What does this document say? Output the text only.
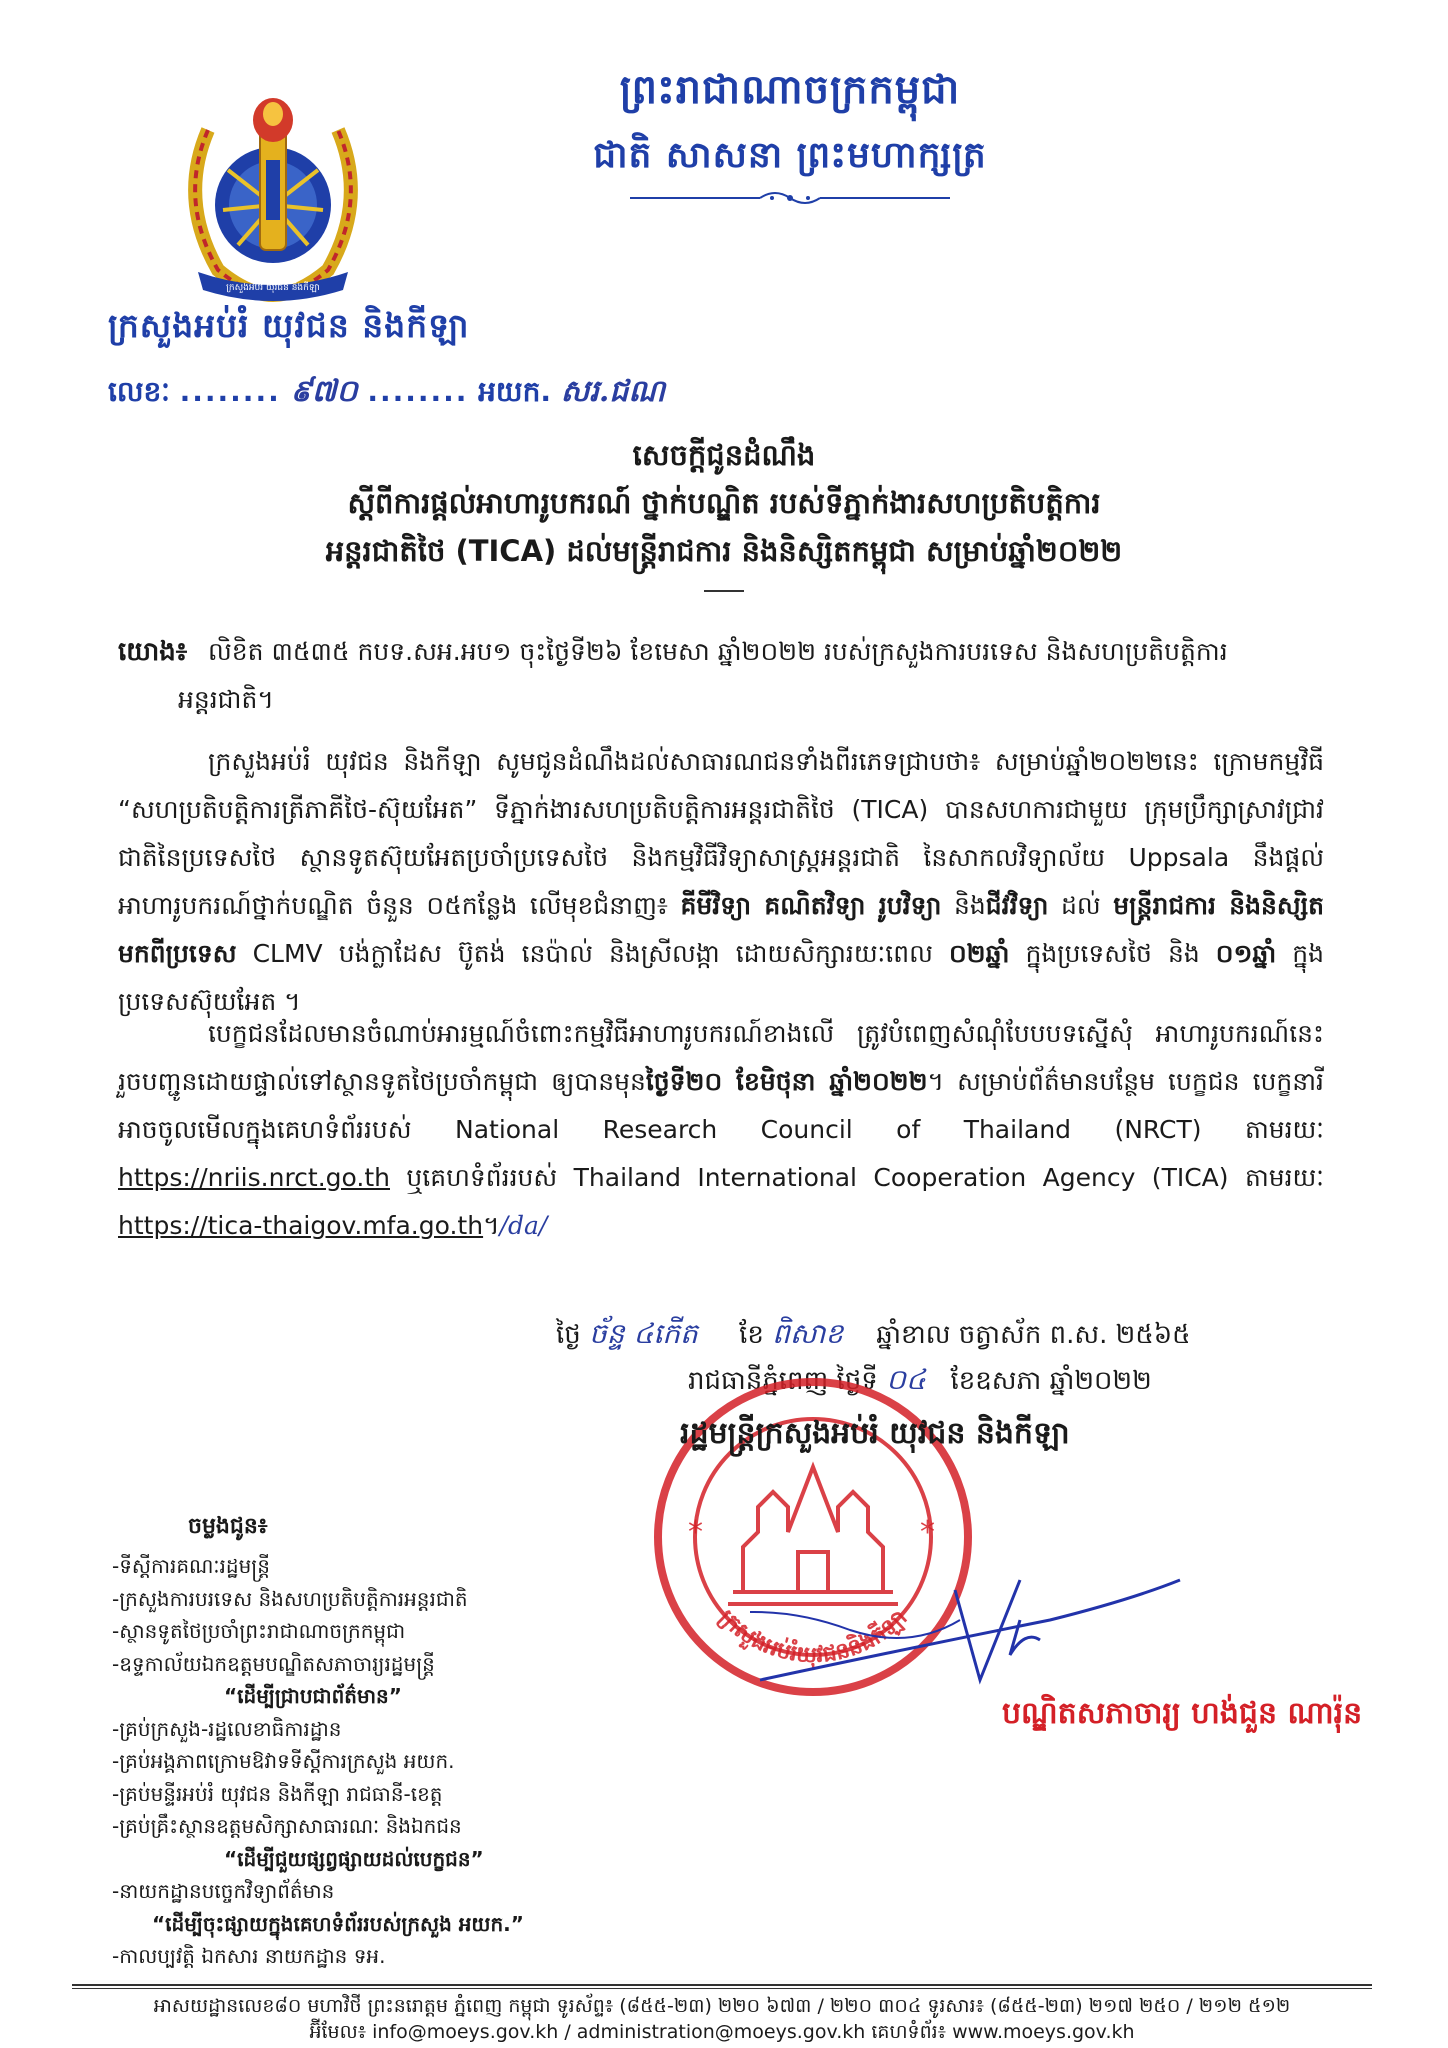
ក្រសួងអប់រំ យុវជន និងកីឡា
ព្រះរាជាណាចក្រកម្ពុជា
ជាតិ សាសនា ព្រះមហាក្សត្រ
ក្រសួងអប់រំ យុវជន និងកីឡា
លេខៈ ........ ៩៧០ ........ អយក. សរ.ជណ
សេចក្តីជូនដំណឹង
ស្តីពីការផ្តល់អាហារូបករណ៍ ថ្នាក់បណ្ឌិត របស់ទីភ្នាក់ងារសហប្រតិបត្តិការ
អន្តរជាតិថៃ (TICA) ដល់មន្ត្រីរាជការ និងនិស្សិតកម្ពុជា សម្រាប់ឆ្នាំ២០២២
យោង៖ លិខិត ៣៥៣៥ កបទ.សអ.អប១ ចុះថ្ងៃទី២៦ ខែមេសា ឆ្នាំ២០២២ របស់ក្រសួងការបរទេស និងសហប្រតិបត្តិការ
អន្តរជាតិ។
ក្រសួងអប់រំ យុវជន និងកីឡា សូមជូនដំណឹងដល់សាធារណជនទាំងពីរភេទជ្រាបថា៖ សម្រាប់ឆ្នាំ២០២២នេះ ក្រោមកម្មវិធី “សហប្រតិបត្តិការត្រីភាគីថៃ-ស៊ុយអែត” ទីភ្នាក់ងារសហប្រតិបត្តិការអន្តរជាតិថៃ (TICA) បានសហការជាមួយ ក្រុមប្រឹក្សាស្រាវជ្រាវជាតិនៃប្រទេសថៃ ស្ថានទូតស៊ុយអែតប្រចាំប្រទេសថៃ និងកម្មវិធីវិទ្យាសាស្ត្រអន្តរជាតិ នៃសាកលវិទ្យាល័យ Uppsala នឹងផ្តល់អាហារូបករណ៍ថ្នាក់បណ្ឌិត ចំនួន ០៥កន្លែង លើមុខជំនាញ៖ គីមីវិទ្យា គណិតវិទ្យា រូបវិទ្យា និងជីវវិទ្យា ដល់ មន្ត្រីរាជការ និងនិស្សិតមកពីប្រទេស CLMV បង់ក្លាដែស ប៊ូតង់ នេប៉ាល់ និងស្រីលង្កា ដោយសិក្សារយៈពេល ០២ឆ្នាំ ក្នុងប្រទេសថៃ និង ០១ឆ្នាំ ក្នុងប្រទេសស៊ុយអែត ។
បេក្ខជនដែលមានចំណាប់អារម្មណ៍ចំពោះកម្មវិធីអាហារូបករណ៍ខាងលើ ត្រូវបំពេញសំណុំបែបបទស្នើសុំ អាហារូបករណ៍នេះ រួចបញ្ជូនដោយផ្ទាល់ទៅស្ថានទូតថៃប្រចាំកម្ពុជា ឲ្យបានមុនថ្ងៃទី២០ ខែមិថុនា ឆ្នាំ២០២២។ សម្រាប់ព័ត៌មានបន្ថែម បេក្ខជន បេក្ខនារី អាចចូលមើលក្នុងគេហទំព័ររបស់ National Research Council of Thailand (NRCT) តាមរយៈ https://nriis.nrct.go.th ឬគេហទំព័ររបស់ Thailand International Cooperation Agency (TICA) តាមរយៈ https://tica-thaigov.mfa.go.th។/da/
ថ្ងៃ ច័ន្ទ ៤កើត ខែ ពិសាខ ឆ្នាំខាល ចត្វាស័ក ព.ស. ២៥៦៥
រាជធានីភ្នំពេញ ថ្ងៃទី ០៤ ខែឧសភា ឆ្នាំ២០២២
*	*
ក្រសួងអប់រំយុវជននិងកីឡា
រដ្ឋមន្ត្រីក្រសួងអប់រំ យុវជន និងកីឡា
បណ្ឌិតសភាចារ្យ ហង់ជួន ណារ៉ុន
ចម្លងជូន៖
-ទីស្តីការគណៈរដ្ឋមន្ត្រី
-ក្រសួងការបរទេស និងសហប្រតិបត្តិការអន្តរជាតិ
-ស្ថានទូតថៃប្រចាំព្រះរាជាណាចក្រកម្ពុជា
-ឧទ្ទកាល័យឯកឧត្តមបណ្ឌិតសភាចារ្យរដ្ឋមន្ត្រី
“ដើម្បីជ្រាបជាព័ត៌មាន”
-គ្រប់ក្រសួង-រដ្ឋលេខាធិការដ្ឋាន
-គ្រប់អង្គភាពក្រោមឱវាទទីស្តីការក្រសួង អយក.
-គ្រប់មន្ទីរអប់រំ យុវជន និងកីឡា រាជធានី-ខេត្ត
-គ្រប់គ្រឹះស្ថានឧត្តមសិក្សាសាធារណៈ និងឯកជន
“ដើម្បីជួយផ្សព្វផ្សាយដល់បេក្ខជន”
-នាយកដ្ឋានបច្ចេកវិទ្យាព័ត៌មាន
“ដើម្បីចុះផ្សាយក្នុងគេហទំព័ររបស់ក្រសួង អយក.”
-កាលប្បវត្តិ ឯកសារ នាយកដ្ឋាន ទអ.
អាសយដ្ឋានលេខ៨០ មហាវិថី ព្រះនរោត្តម ភ្នំពេញ កម្ពុជា ទូរស័ព្ទ៖ (៨៥៥-២៣) ២២០ ៦៧៣ / ២២០ ៣០៤ ទូរសារ៖ (៨៥៥-២៣) ២១៧ ២៥០ / ២១២ ៥១២
អ៊ីមែល៖ info@moeys.gov.kh / administration@moeys.gov.kh គេហទំព័រ៖ www.moeys.gov.kh
